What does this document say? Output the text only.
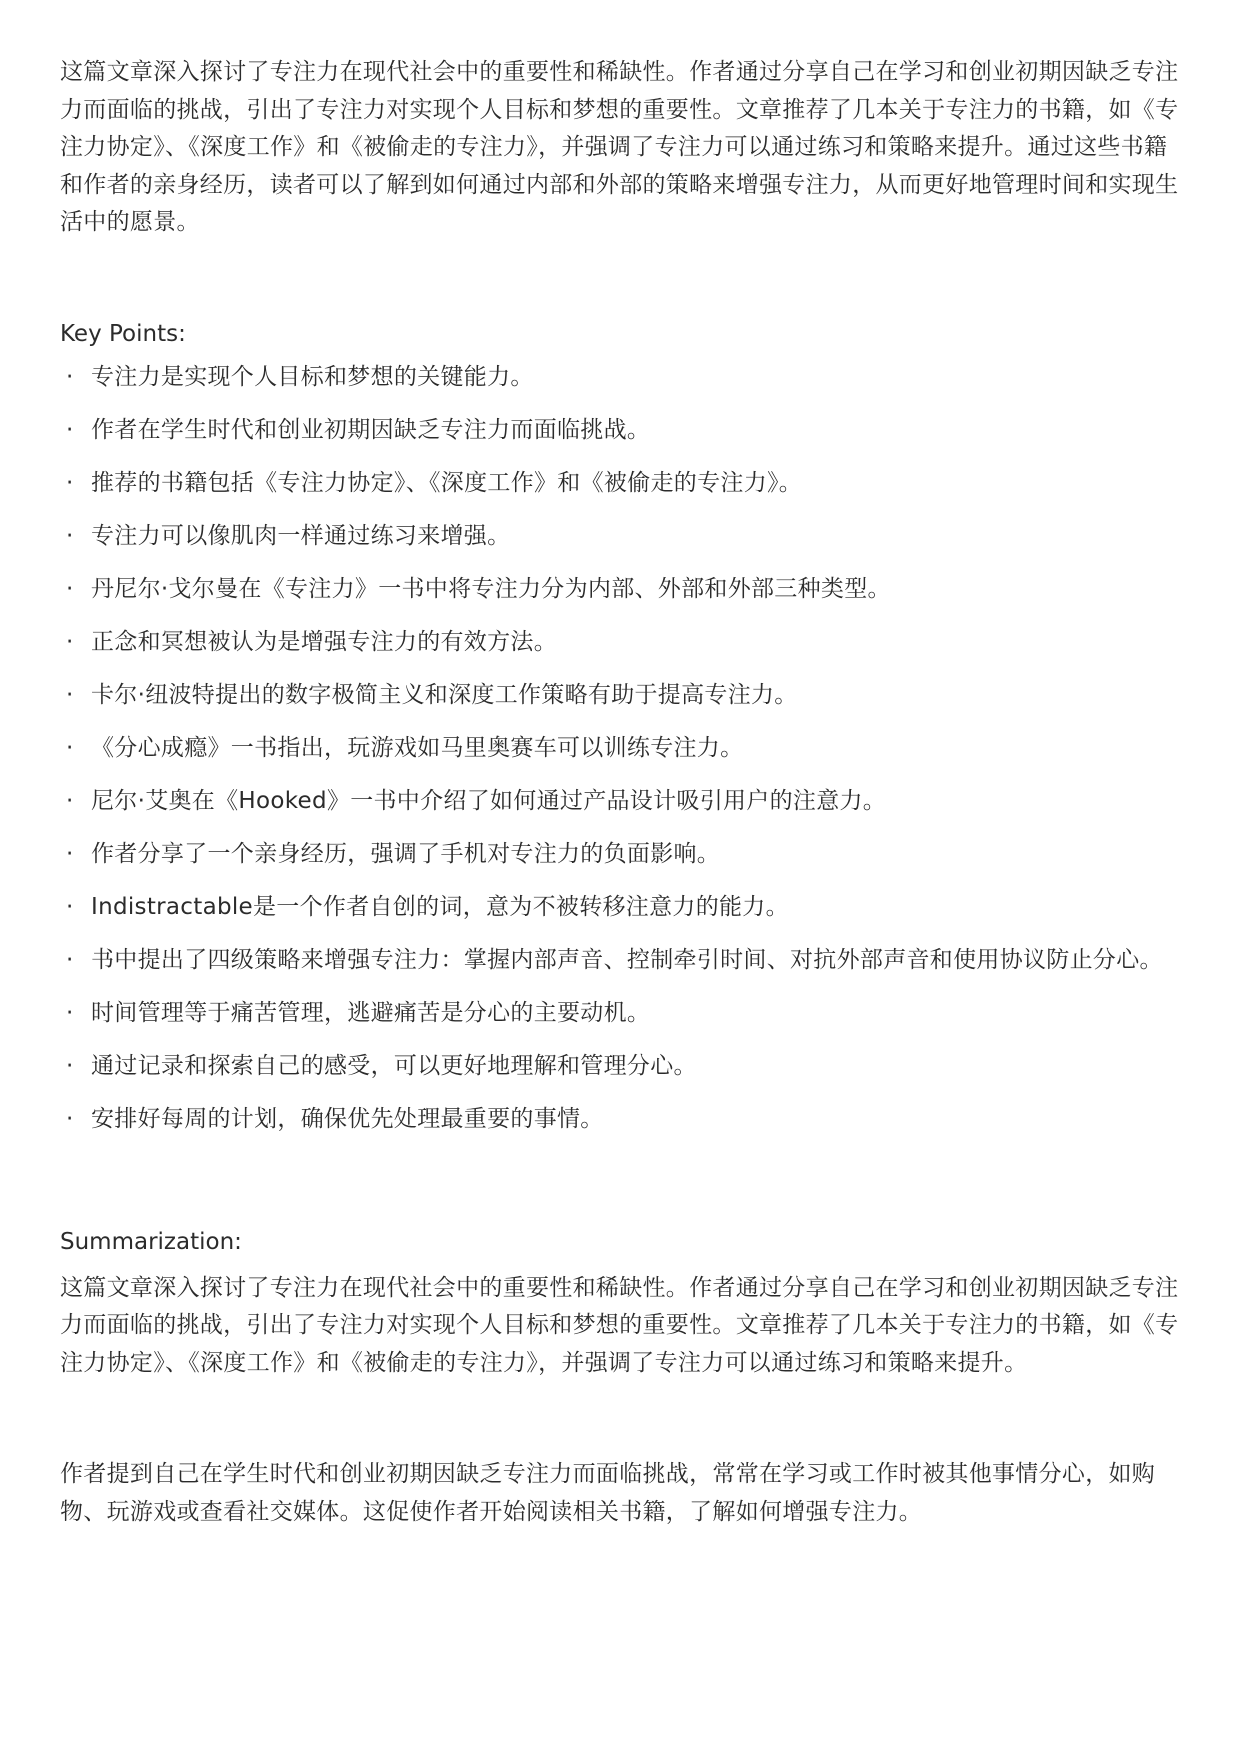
这篇文章深入探讨了专注力在现代社会中的重要性和稀缺性。作者通过分享自己在学习和创业初期因缺乏专注力而面临的挑战，引出了专注力对实现个人目标和梦想的重要性。文章推荐了几本关于专注力的书籍，如《专注力协定》、《深度工作》和《被偷走的专注力》，并强调了专注力可以通过练习和策略来提升。通过这些书籍和作者的亲身经历，读者可以了解到如何通过内部和外部的策略来增强专注力，从而更好地管理时间和实现生活中的愿景。

Key Points:

· 专注力是实现个人目标和梦想的关键能力。
· 作者在学生时代和创业初期因缺乏专注力而面临挑战。
· 推荐的书籍包括《专注力协定》、《深度工作》和《被偷走的专注力》。
· 专注力可以像肌肉一样通过练习来增强。
· 丹尼尔·戈尔曼在《专注力》一书中将专注力分为内部、外部和外部三种类型。
· 正念和冥想被认为是增强专注力的有效方法。
· 卡尔·纽波特提出的数字极简主义和深度工作策略有助于提高专注力。
· 《分心成瘾》一书指出，玩游戏如马里奥赛车可以训练专注力。
· 尼尔·艾奥在《Hooked》一书中介绍了如何通过产品设计吸引用户的注意力。
· 作者分享了一个亲身经历，强调了手机对专注力的负面影响。
· Indistractable是一个作者自创的词，意为不被转移注意力的能力。
· 书中提出了四级策略来增强专注力：掌握内部声音、控制牵引时间、对抗外部声音和使用协议防止分心。
· 时间管理等于痛苦管理，逃避痛苦是分心的主要动机。
· 通过记录和探索自己的感受，可以更好地理解和管理分心。
· 安排好每周的计划，确保优先处理最重要的事情。

Summarization:

这篇文章深入探讨了专注力在现代社会中的重要性和稀缺性。作者通过分享自己在学习和创业初期因缺乏专注力而面临的挑战，引出了专注力对实现个人目标和梦想的重要性。文章推荐了几本关于专注力的书籍，如《专注力协定》、《深度工作》和《被偷走的专注力》，并强调了专注力可以通过练习和策略来提升。

作者提到自己在学生时代和创业初期因缺乏专注力而面临挑战，常常在学习或工作时被其他事情分心，如购物、玩游戏或查看社交媒体。这促使作者开始阅读相关书籍，了解如何增强专注力。
